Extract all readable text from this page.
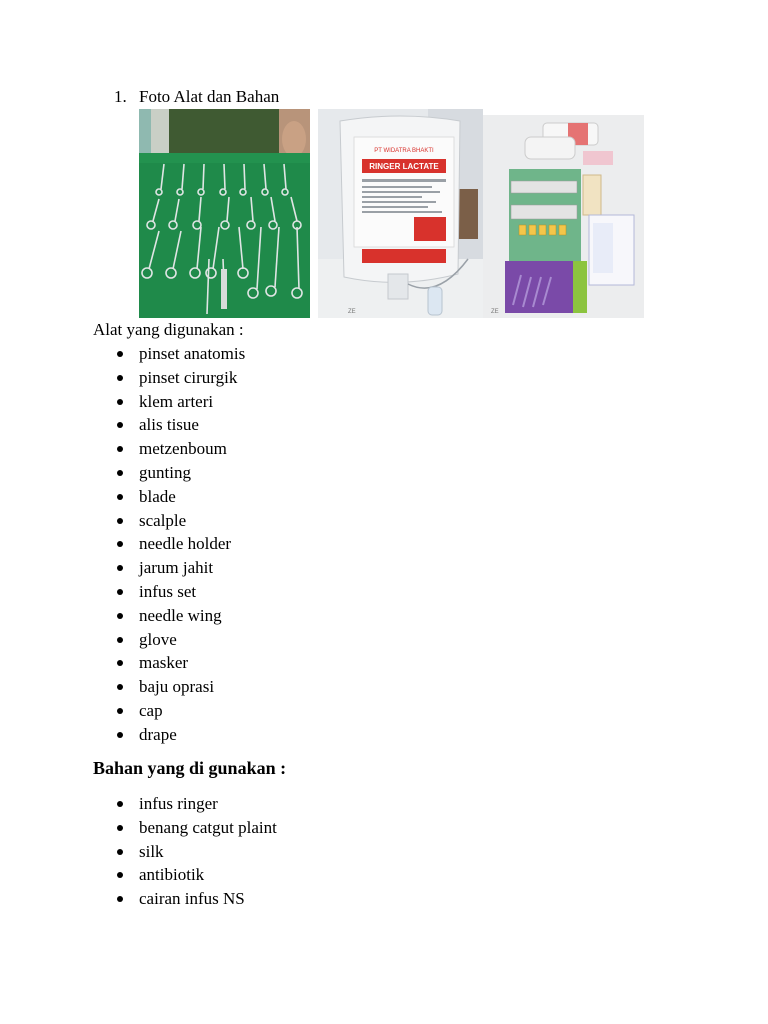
1. Foto Alat dan Bahan
PT WIDATRA BHAKTI
RINGER LACTATE
ZE	ZE
Alat yang digunakan :
pinset anatomis
pinset cirurgik
klem arteri
alis tisue
metzenboum
gunting
blade
scalple
needle holder
jarum jahit
infus set
needle wing
glove
masker
baju oprasi
cap
drape
Bahan yang di gunakan :
infus ringer
benang catgut plaint
silk
antibiotik
cairan infus NS
